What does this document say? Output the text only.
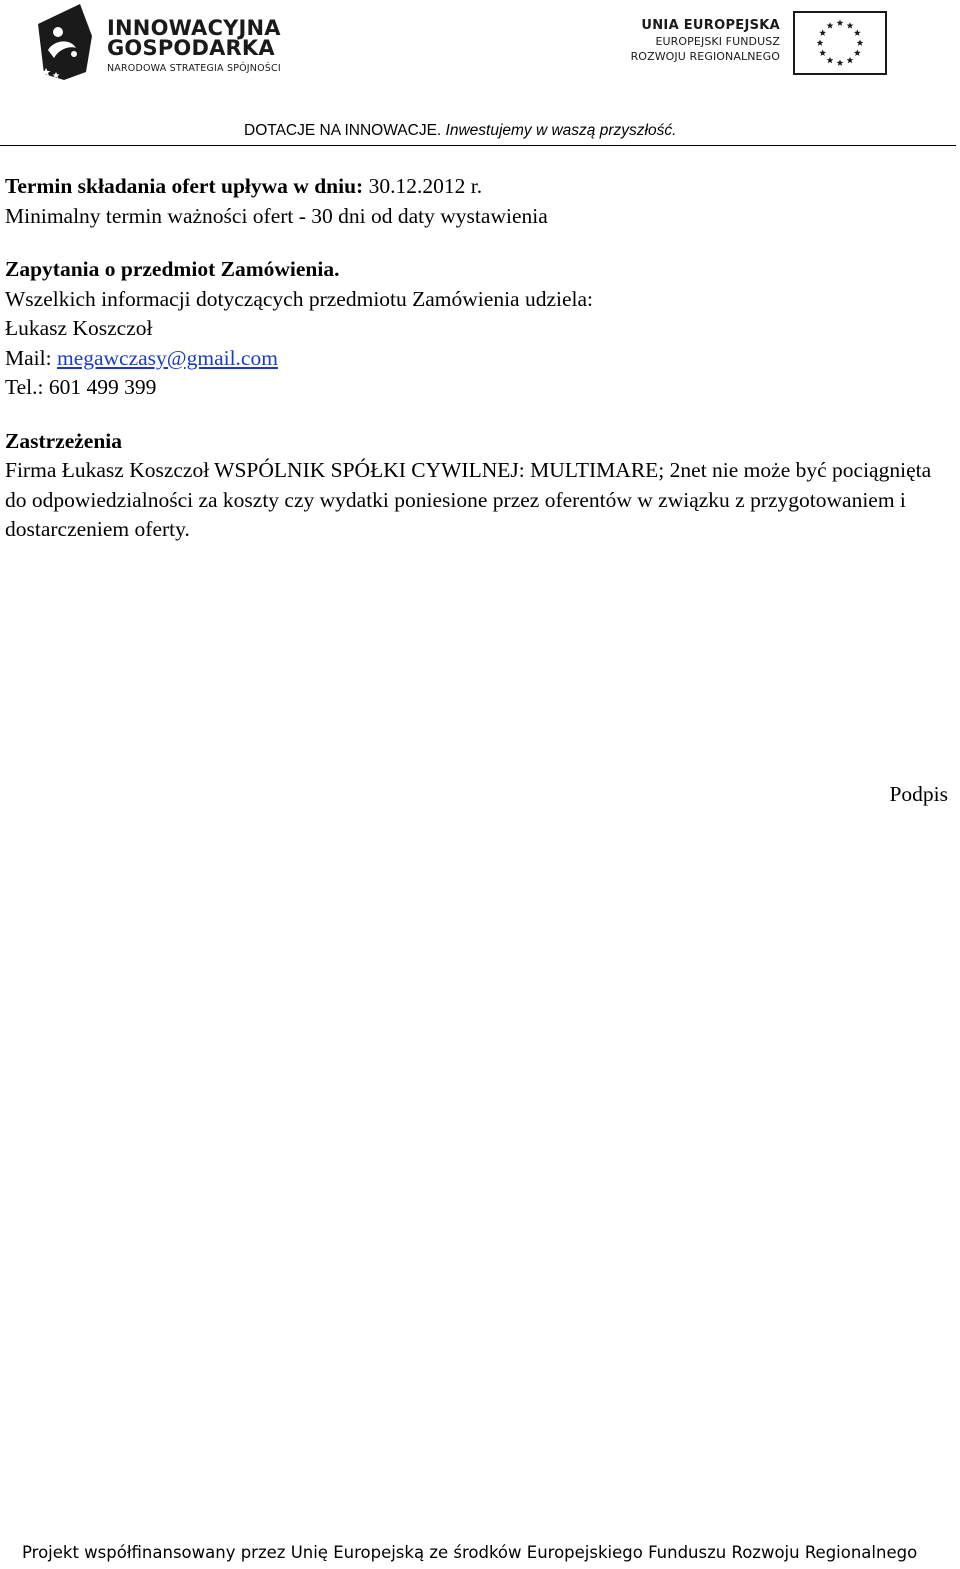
INNOWACYJNA
GOSPODARKA
NARODOWA STRATEGIA SPÓJNOŚCI
UNIA EUROPEJSKA
EUROPEJSKI FUNDUSZ
ROZWOJU REGIONALNEGO
DOTACJE NA INNOWACJE. Inwestujemy w waszą przyszłość.

Termin składania ofert upływa w dniu: 30.12.2012 r.

Minimalny termin ważności ofert - 30 dni od daty wystawienia

Zapytania o przedmiot Zamówienia.

Wszelkich informacji dotyczących przedmiotu Zamówienia udziela:

Łukasz Koszczoł

Mail: megawczasy@gmail.com

Tel.: 601 499 399

Zastrzeżenia

Firma Łukasz Koszczoł WSPÓLNIK SPÓŁKI CYWILNEJ: MULTIMARE; 2net nie może być pociągnięta do odpowiedzialności za koszty czy wydatki poniesione przez oferentów w związku z przygotowaniem i dostarczeniem oferty.

Podpis
Projekt współfinansowany przez Unię Europejską ze środków Europejskiego Funduszu Rozwoju Regionalnego
